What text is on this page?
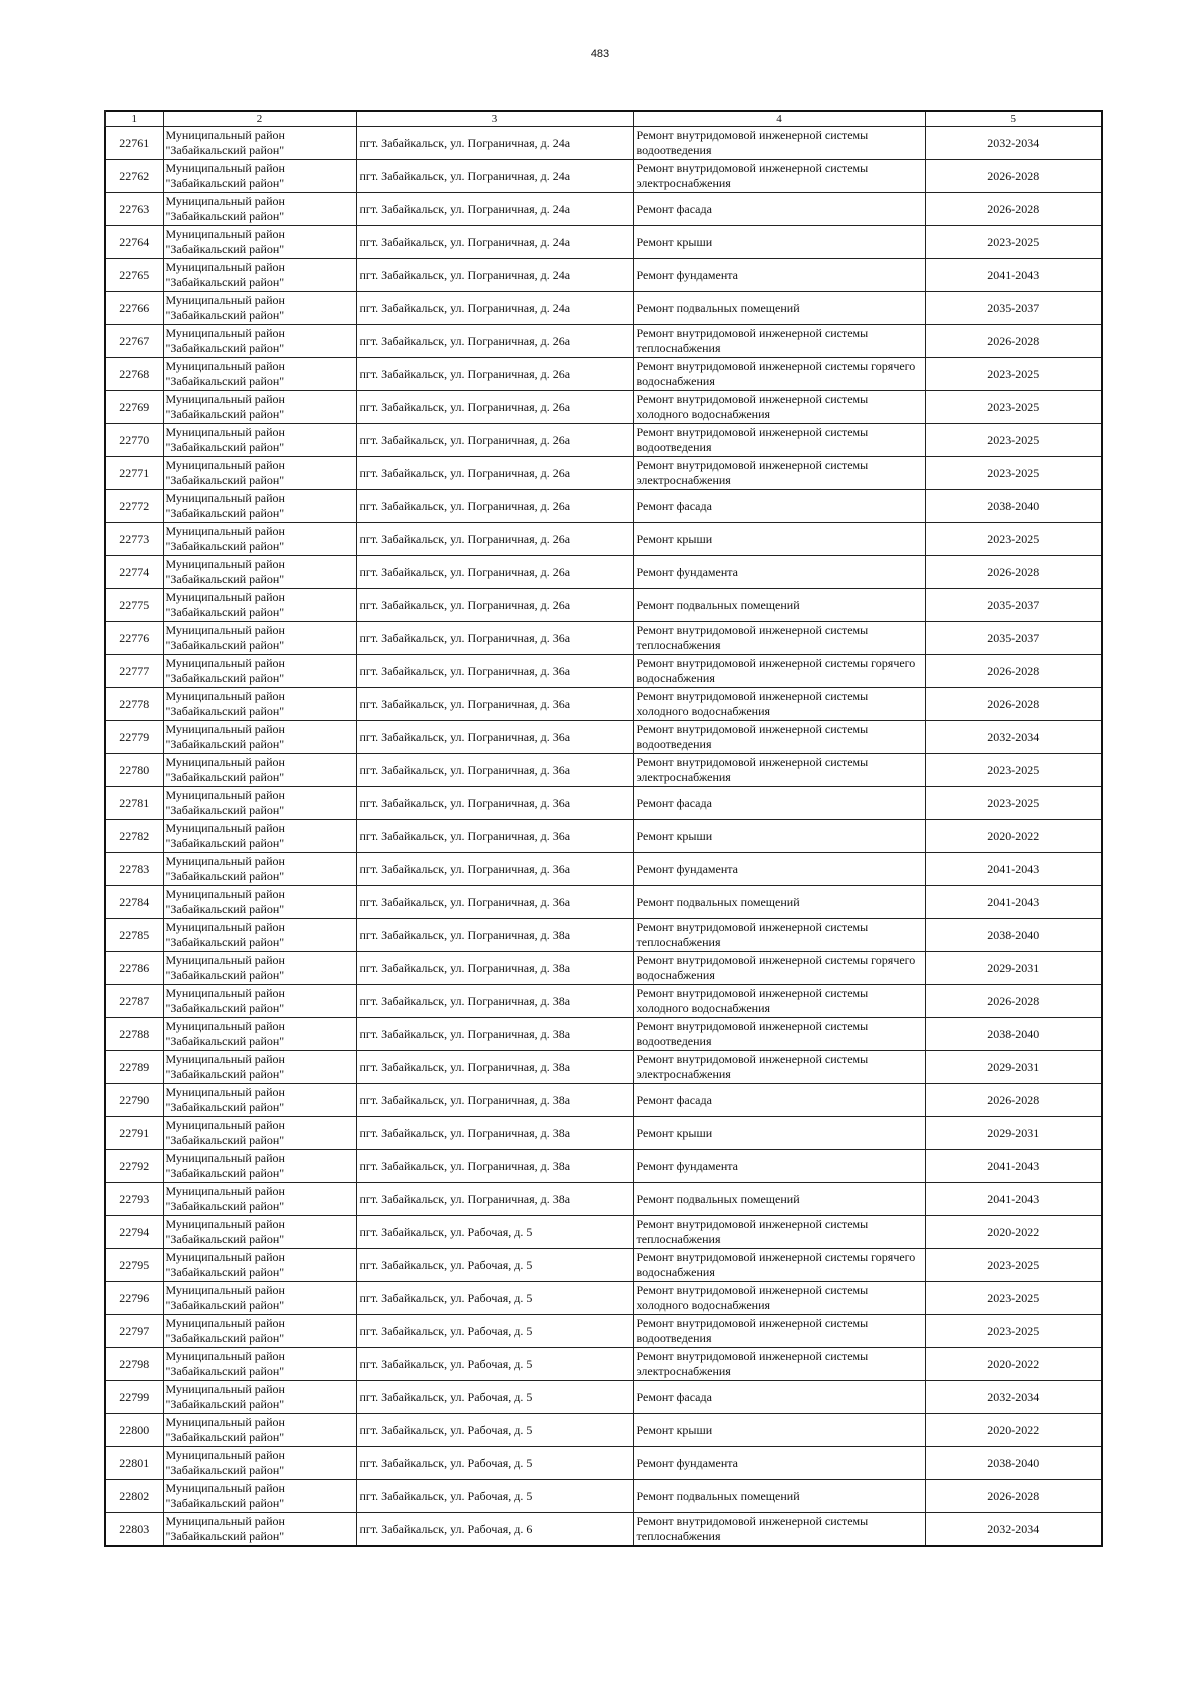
483
1	2	3	4	5
22761	Муниципальный район "Забайкальский район"	пгт. Забайкальск, ул. Пограничная, д. 24а	Ремонт внутридомовой инженерной системы водоотведения	2032-2034
22762	Муниципальный район "Забайкальский район"	пгт. Забайкальск, ул. Пограничная, д. 24а	Ремонт внутридомовой инженерной системы электроснабжения	2026-2028
22763	Муниципальный район "Забайкальский район"	пгт. Забайкальск, ул. Пограничная, д. 24а	Ремонт фасада	2026-2028
22764	Муниципальный район "Забайкальский район"	пгт. Забайкальск, ул. Пограничная, д. 24а	Ремонт крыши	2023-2025
22765	Муниципальный район "Забайкальский район"	пгт. Забайкальск, ул. Пограничная, д. 24а	Ремонт фундамента	2041-2043
22766	Муниципальный район "Забайкальский район"	пгт. Забайкальск, ул. Пограничная, д. 24а	Ремонт подвальных помещений	2035-2037
22767	Муниципальный район "Забайкальский район"	пгт. Забайкальск, ул. Пограничная, д. 26а	Ремонт внутридомовой инженерной системы теплоснабжения	2026-2028
22768	Муниципальный район "Забайкальский район"	пгт. Забайкальск, ул. Пограничная, д. 26а	Ремонт внутридомовой инженерной системы горячего водоснабжения	2023-2025
22769	Муниципальный район "Забайкальский район"	пгт. Забайкальск, ул. Пограничная, д. 26а	Ремонт внутридомовой инженерной системы холодного водоснабжения	2023-2025
22770	Муниципальный район "Забайкальский район"	пгт. Забайкальск, ул. Пограничная, д. 26а	Ремонт внутридомовой инженерной системы водоотведения	2023-2025
22771	Муниципальный район "Забайкальский район"	пгт. Забайкальск, ул. Пограничная, д. 26а	Ремонт внутридомовой инженерной системы электроснабжения	2023-2025
22772	Муниципальный район "Забайкальский район"	пгт. Забайкальск, ул. Пограничная, д. 26а	Ремонт фасада	2038-2040
22773	Муниципальный район "Забайкальский район"	пгт. Забайкальск, ул. Пограничная, д. 26а	Ремонт крыши	2023-2025
22774	Муниципальный район "Забайкальский район"	пгт. Забайкальск, ул. Пограничная, д. 26а	Ремонт фундамента	2026-2028
22775	Муниципальный район "Забайкальский район"	пгт. Забайкальск, ул. Пограничная, д. 26а	Ремонт подвальных помещений	2035-2037
22776	Муниципальный район "Забайкальский район"	пгт. Забайкальск, ул. Пограничная, д. 36а	Ремонт внутридомовой инженерной системы теплоснабжения	2035-2037
22777	Муниципальный район "Забайкальский район"	пгт. Забайкальск, ул. Пограничная, д. 36а	Ремонт внутридомовой инженерной системы горячего водоснабжения	2026-2028
22778	Муниципальный район "Забайкальский район"	пгт. Забайкальск, ул. Пограничная, д. 36а	Ремонт внутридомовой инженерной системы холодного водоснабжения	2026-2028
22779	Муниципальный район "Забайкальский район"	пгт. Забайкальск, ул. Пограничная, д. 36а	Ремонт внутридомовой инженерной системы водоотведения	2032-2034
22780	Муниципальный район "Забайкальский район"	пгт. Забайкальск, ул. Пограничная, д. 36а	Ремонт внутридомовой инженерной системы электроснабжения	2023-2025
22781	Муниципальный район "Забайкальский район"	пгт. Забайкальск, ул. Пограничная, д. 36а	Ремонт фасада	2023-2025
22782	Муниципальный район "Забайкальский район"	пгт. Забайкальск, ул. Пограничная, д. 36а	Ремонт крыши	2020-2022
22783	Муниципальный район "Забайкальский район"	пгт. Забайкальск, ул. Пограничная, д. 36а	Ремонт фундамента	2041-2043
22784	Муниципальный район "Забайкальский район"	пгт. Забайкальск, ул. Пограничная, д. 36а	Ремонт подвальных помещений	2041-2043
22785	Муниципальный район "Забайкальский район"	пгт. Забайкальск, ул. Пограничная, д. 38а	Ремонт внутридомовой инженерной системы теплоснабжения	2038-2040
22786	Муниципальный район "Забайкальский район"	пгт. Забайкальск, ул. Пограничная, д. 38а	Ремонт внутридомовой инженерной системы горячего водоснабжения	2029-2031
22787	Муниципальный район "Забайкальский район"	пгт. Забайкальск, ул. Пограничная, д. 38а	Ремонт внутридомовой инженерной системы холодного водоснабжения	2026-2028
22788	Муниципальный район "Забайкальский район"	пгт. Забайкальск, ул. Пограничная, д. 38а	Ремонт внутридомовой инженерной системы водоотведения	2038-2040
22789	Муниципальный район "Забайкальский район"	пгт. Забайкальск, ул. Пограничная, д. 38а	Ремонт внутридомовой инженерной системы электроснабжения	2029-2031
22790	Муниципальный район "Забайкальский район"	пгт. Забайкальск, ул. Пограничная, д. 38а	Ремонт фасада	2026-2028
22791	Муниципальный район "Забайкальский район"	пгт. Забайкальск, ул. Пограничная, д. 38а	Ремонт крыши	2029-2031
22792	Муниципальный район "Забайкальский район"	пгт. Забайкальск, ул. Пограничная, д. 38а	Ремонт фундамента	2041-2043
22793	Муниципальный район "Забайкальский район"	пгт. Забайкальск, ул. Пограничная, д. 38а	Ремонт подвальных помещений	2041-2043
22794	Муниципальный район "Забайкальский район"	пгт. Забайкальск, ул. Рабочая, д. 5	Ремонт внутридомовой инженерной системы теплоснабжения	2020-2022
22795	Муниципальный район "Забайкальский район"	пгт. Забайкальск, ул. Рабочая, д. 5	Ремонт внутридомовой инженерной системы горячего водоснабжения	2023-2025
22796	Муниципальный район "Забайкальский район"	пгт. Забайкальск, ул. Рабочая, д. 5	Ремонт внутридомовой инженерной системы холодного водоснабжения	2023-2025
22797	Муниципальный район "Забайкальский район"	пгт. Забайкальск, ул. Рабочая, д. 5	Ремонт внутридомовой инженерной системы водоотведения	2023-2025
22798	Муниципальный район "Забайкальский район"	пгт. Забайкальск, ул. Рабочая, д. 5	Ремонт внутридомовой инженерной системы электроснабжения	2020-2022
22799	Муниципальный район "Забайкальский район"	пгт. Забайкальск, ул. Рабочая, д. 5	Ремонт фасада	2032-2034
22800	Муниципальный район "Забайкальский район"	пгт. Забайкальск, ул. Рабочая, д. 5	Ремонт крыши	2020-2022
22801	Муниципальный район "Забайкальский район"	пгт. Забайкальск, ул. Рабочая, д. 5	Ремонт фундамента	2038-2040
22802	Муниципальный район "Забайкальский район"	пгт. Забайкальск, ул. Рабочая, д. 5	Ремонт подвальных помещений	2026-2028
22803	Муниципальный район "Забайкальский район"	пгт. Забайкальск, ул. Рабочая, д. 6	Ремонт внутридомовой инженерной системы теплоснабжения	2032-2034
